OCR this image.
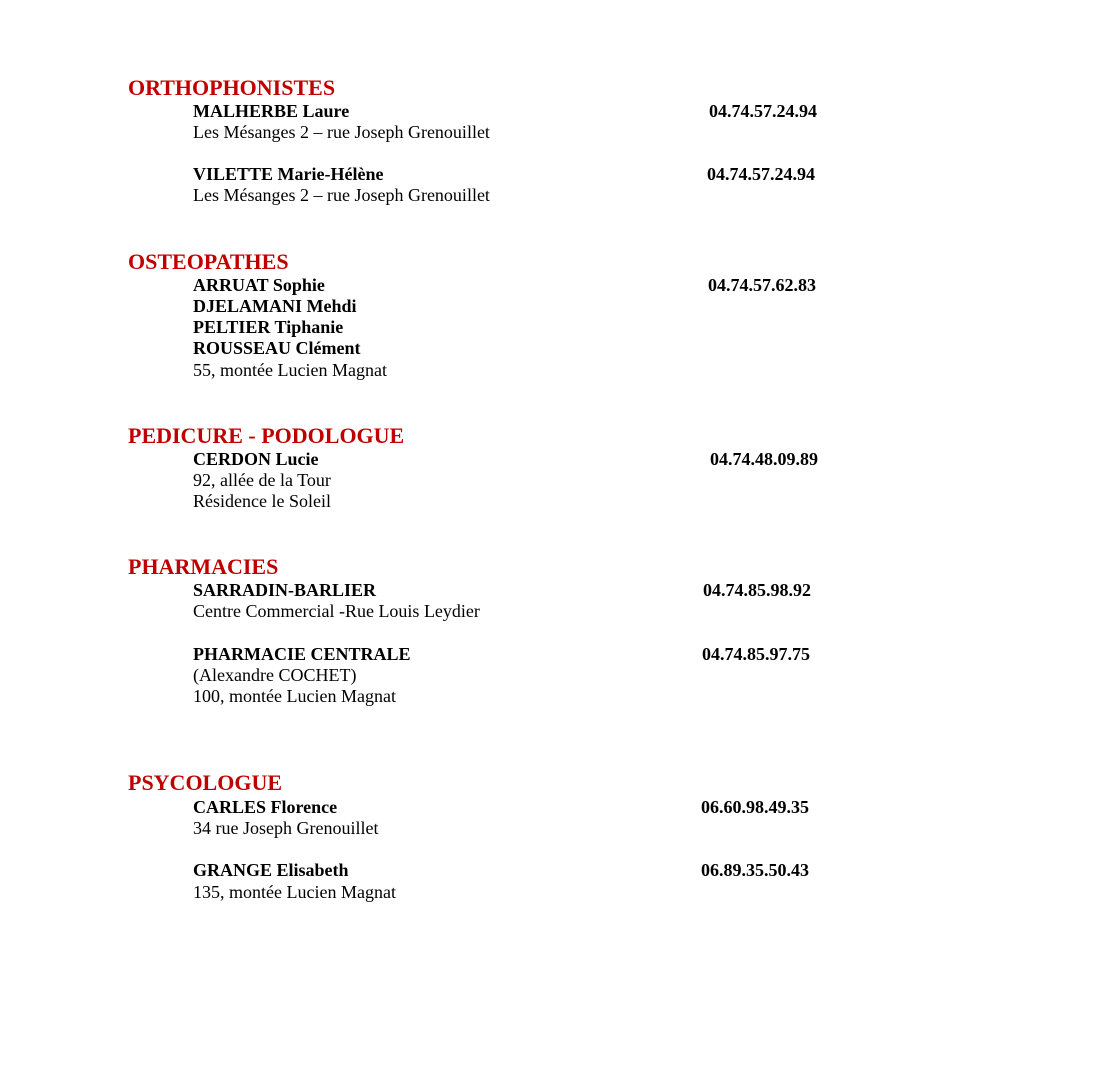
ORTHOPHONISTES
MALHERBE Laure	04.74.57.24.94
Les Mésanges 2 – rue Joseph Grenouillet
VILETTE Marie-Hélène	04.74.57.24.94
Les Mésanges 2 – rue Joseph Grenouillet
OSTEOPATHES
ARRUAT Sophie	04.74.57.62.83
DJELAMANI Mehdi
PELTIER Tiphanie
ROUSSEAU Clément
55, montée Lucien Magnat
PEDICURE - PODOLOGUE
CERDON Lucie	04.74.48.09.89
92, allée de la Tour
Résidence le Soleil
PHARMACIES
SARRADIN-BARLIER	04.74.85.98.92
Centre Commercial -Rue Louis Leydier
PHARMACIE CENTRALE	04.74.85.97.75
(Alexandre COCHET)
100, montée Lucien Magnat
PSYCOLOGUE
CARLES Florence	06.60.98.49.35
34 rue Joseph Grenouillet
GRANGE Elisabeth	06.89.35.50.43
135, montée Lucien Magnat
